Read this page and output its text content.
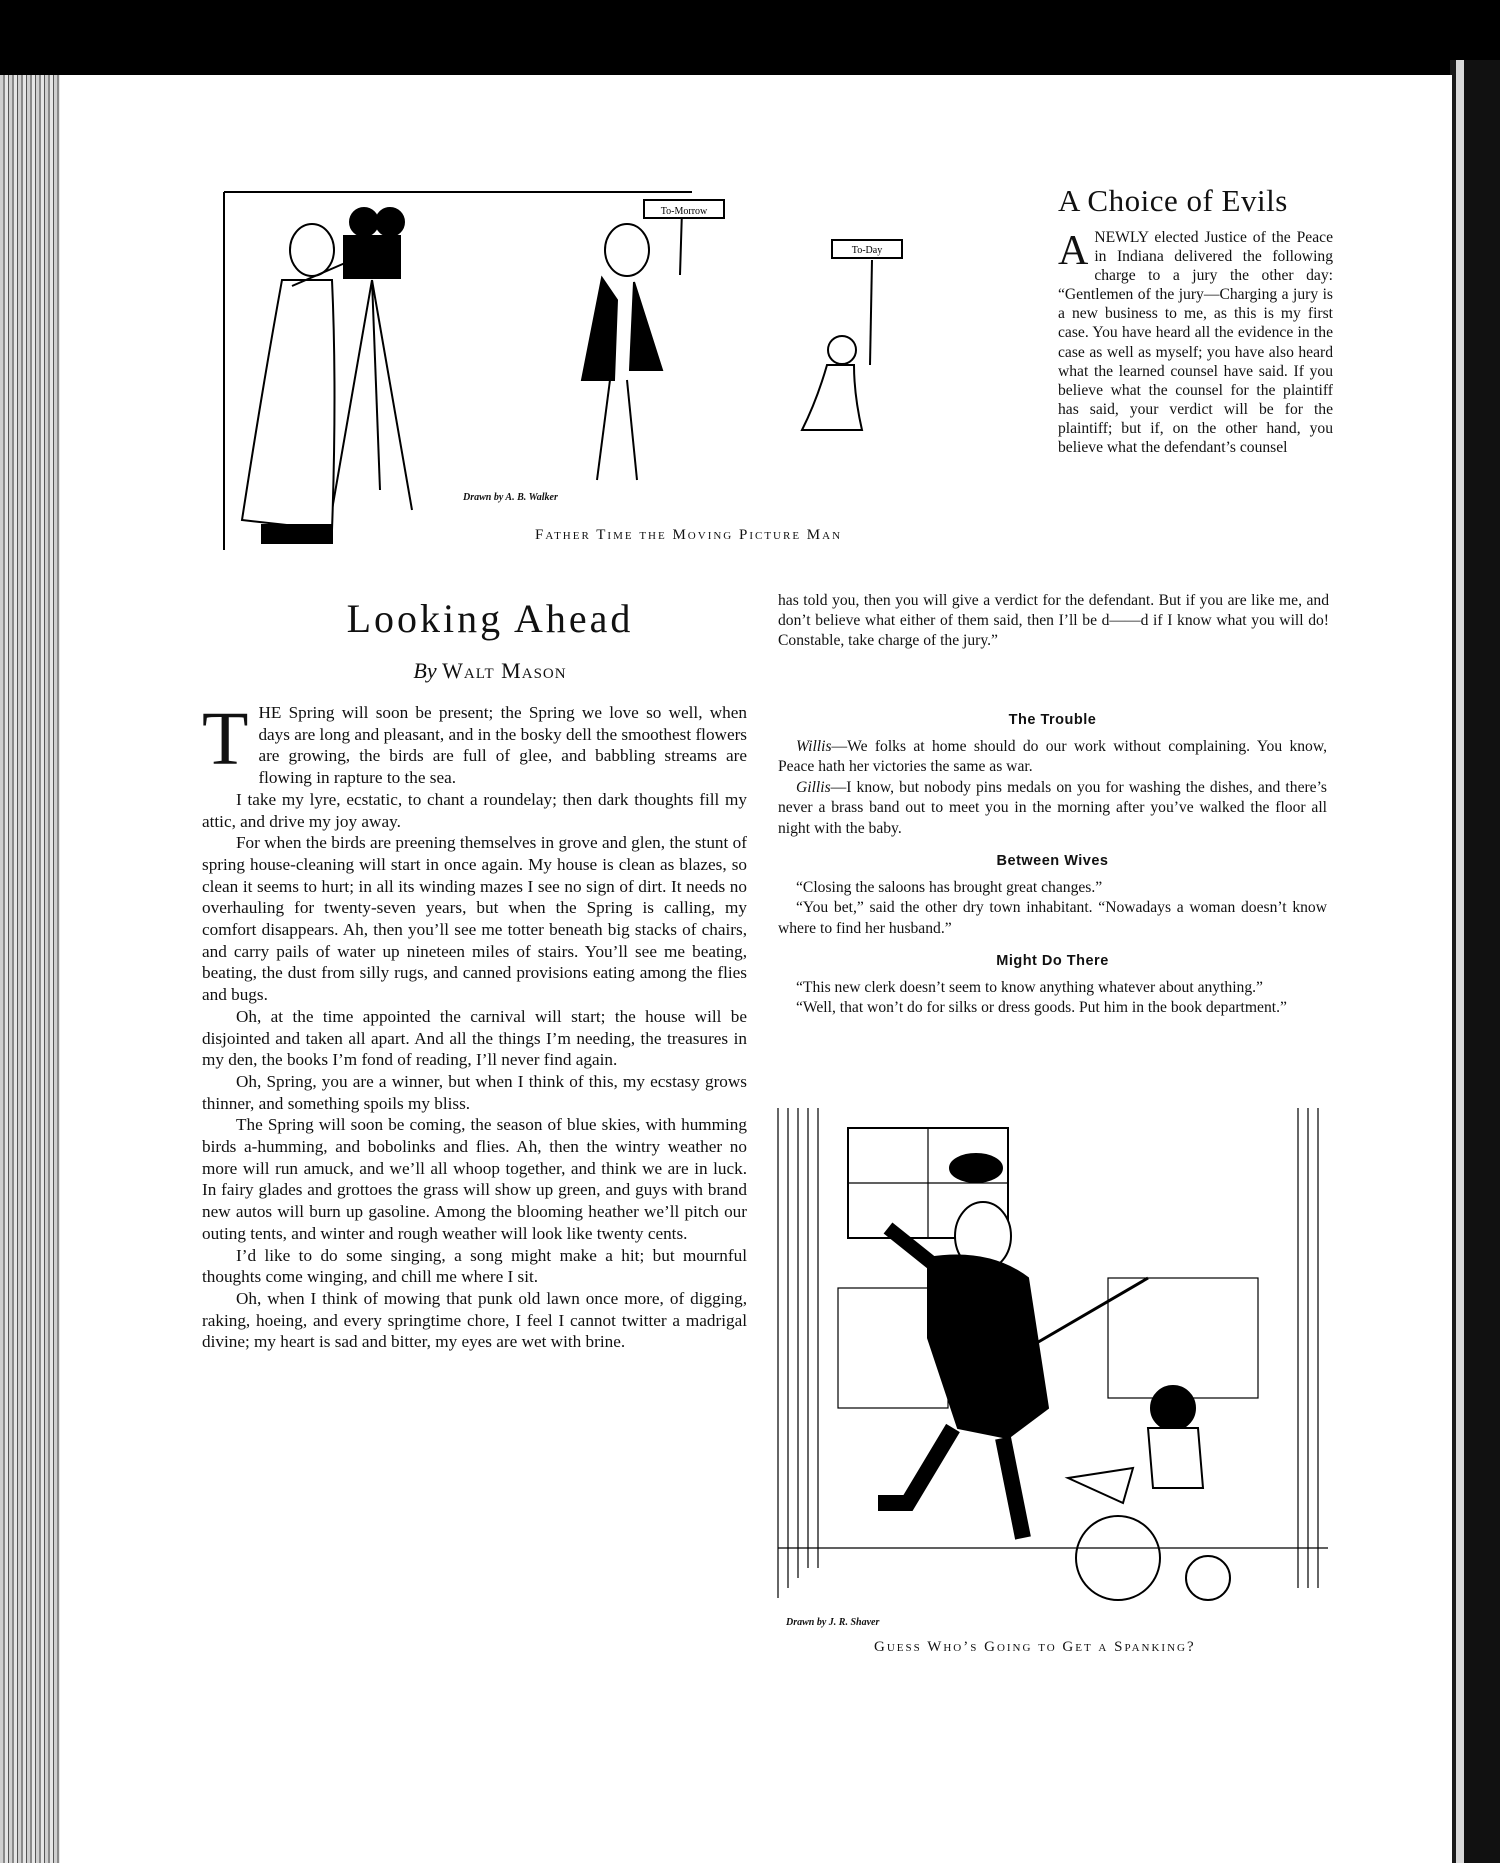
To-Morrow
To-Day
Drawn by A. B. Walker
Father Time the Moving Picture Man
A Choice of Evils
ANEWLY elected Justice of the Peace in Indiana delivered the following charge to a jury the other day: “Gentlemen of the jury—Charging a jury is a new business to me, as this is my first case. You have heard all the evidence in the case as well as myself; you have also heard what the learned counsel have said. If you believe what the counsel for the plaintiff has said, your verdict will be for the plaintiff; but if, on the other hand, you believe what the defendant’s counsel
has told you, then you will give a verdict for the defendant. But if you are like me, and don’t believe what either of them said, then I’ll be d——d if I know what you will do! Constable, take charge of the jury.”
Looking Ahead
By Walt Mason

THE Spring will soon be present; the Spring we love so well, when days are long and pleasant, and in the bosky dell the smoothest flowers are growing, the birds are full of glee, and babbling streams are flowing in rapture to the sea.

I take my lyre, ecstatic, to chant a roundelay; then dark thoughts fill my attic, and drive my joy away.

For when the birds are preening themselves in grove and glen, the stunt of spring house-cleaning will start in once again. My house is clean as blazes, so clean it seems to hurt; in all its winding mazes I see no sign of dirt. It needs no overhauling for twenty-seven years, but when the Spring is calling, my comfort disappears. Ah, then you’ll see me totter beneath big stacks of chairs, and carry pails of water up nineteen miles of stairs. You’ll see me beating, beating, the dust from silly rugs, and canned provisions eating among the flies and bugs.

Oh, at the time appointed the carnival will start; the house will be disjointed and taken all apart. And all the things I’m needing, the treasures in my den, the books I’m fond of reading, I’ll never find again.

Oh, Spring, you are a winner, but when I think of this, my ecstasy grows thinner, and something spoils my bliss.

The Spring will soon be coming, the season of blue skies, with humming birds a-humming, and bobolinks and flies. Ah, then the wintry weather no more will run amuck, and we’ll all whoop together, and think we are in luck. In fairy glades and grottoes the grass will show up green, and guys with brand new autos will burn up gasoline. Among the blooming heather we’ll pitch our outing tents, and winter and rough weather will look like twenty cents.

I’d like to do some singing, a song might make a hit; but mournful thoughts come winging, and chill me where I sit.

Oh, when I think of mowing that punk old lawn once more, of digging, raking, hoeing, and every springtime chore, I feel I cannot twitter a madrigal divine; my heart is sad and bitter, my eyes are wet with brine.

The Trouble

Willis—We folks at home should do our work without complaining. You know, Peace hath her victories the same as war.

Gillis—I know, but nobody pins medals on you for washing the dishes, and there’s never a brass band out to meet you in the morning after you’ve walked the floor all night with the baby.

Between Wives

“Closing the saloons has brought great changes.”

“You bet,” said the other dry town inhabitant. “Nowadays a woman doesn’t know where to find her husband.”

Might Do There

“This new clerk doesn’t seem to know anything whatever about anything.”

“Well, that won’t do for silks or dress goods. Put him in the book department.”

Drawn by J. R. Shaver
Guess Who’s Going to Get a Spanking?
comicbooks.com
